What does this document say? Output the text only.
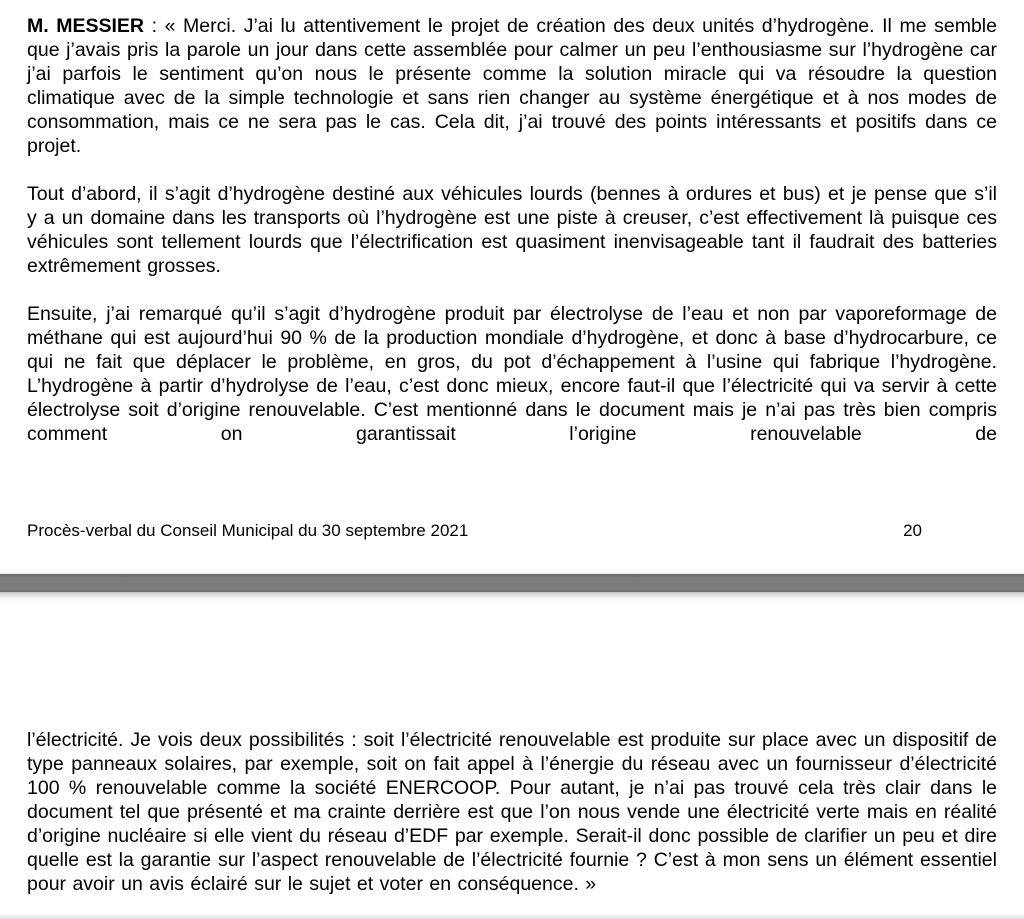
M. MESSIER : « Merci. J’ai lu attentivement le projet de création des deux unités d’hydrogène. Il me semble que j’avais pris la parole un jour dans cette assemblée pour calmer un peu l’enthousiasme sur l’hydrogène car j’ai parfois le sentiment qu’on nous le présente comme la solution miracle qui va résoudre la question climatique avec de la simple technologie et sans rien changer au système énergétique et à nos modes de consommation, mais ce ne sera pas le cas. Cela dit, j’ai trouvé des points intéressants et positifs dans ce projet.

Tout d’abord, il s’agit d’hydrogène destiné aux véhicules lourds (bennes à ordures et bus) et je pense que s’il y a un domaine dans les transports où l’hydrogène est une piste à creuser, c’est effectivement là puisque ces véhicules sont tellement lourds que l’électrification est quasiment inenvisageable tant il faudrait des batteries extrêmement grosses.

Ensuite, j’ai remarqué qu’il s’agit d’hydrogène produit par électrolyse de l’eau et non par vaporeformage de méthane qui est aujourd’hui 90 % de la production mondiale d’hydrogène, et donc à base d’hydrocarbure, ce qui ne fait que déplacer le problème, en gros, du pot d’échappement à l’usine qui fabrique l’hydrogène. L’hydrogène à partir d’hydrolyse de l’eau, c’est donc mieux, encore faut-il que l’électricité qui va servir à cette électrolyse soit d’origine renouvelable. C’est mentionné dans le document mais je n’ai pas très bien compris comment on garantissait l’origine renouvelable de

Procès-verbal du Conseil Municipal du 30 septembre 2021	20

l’électricité. Je vois deux possibilités : soit l’électricité renouvelable est produite sur place avec un dispositif de type panneaux solaires, par exemple, soit on fait appel à l’énergie du réseau avec un fournisseur d’électricité 100 % renouvelable comme la société ENERCOOP. Pour autant, je n’ai pas trouvé cela très clair dans le document tel que présenté et ma crainte derrière est que l’on nous vende une électricité verte mais en réalité d’origine nucléaire si elle vient du réseau d’EDF par exemple. Serait-il donc possible de clarifier un peu et dire quelle est la garantie sur l’aspect renouvelable de l’électricité fournie ? C’est à mon sens un élément essentiel pour avoir un avis éclairé sur le sujet et voter en conséquence. »
